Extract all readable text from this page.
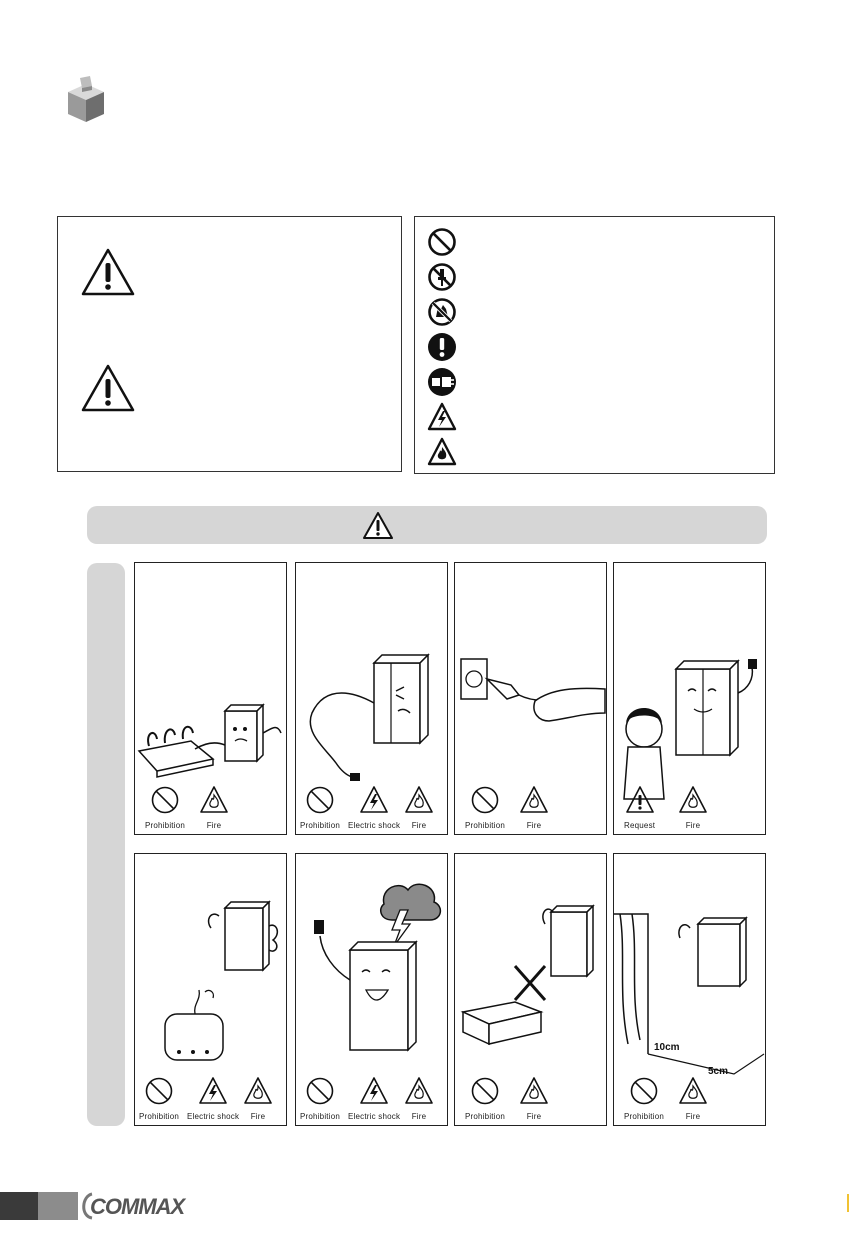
Prohibition	Fire	Prohibition Electric shock	Fire	Prohibition	Fire	Request	Fire
Prohibition Electric shock	Fire	Prohibition Electric shock	Fire	Prohibition	Fire
10cm
5cm
Prohibition	Fire
COMMAX
